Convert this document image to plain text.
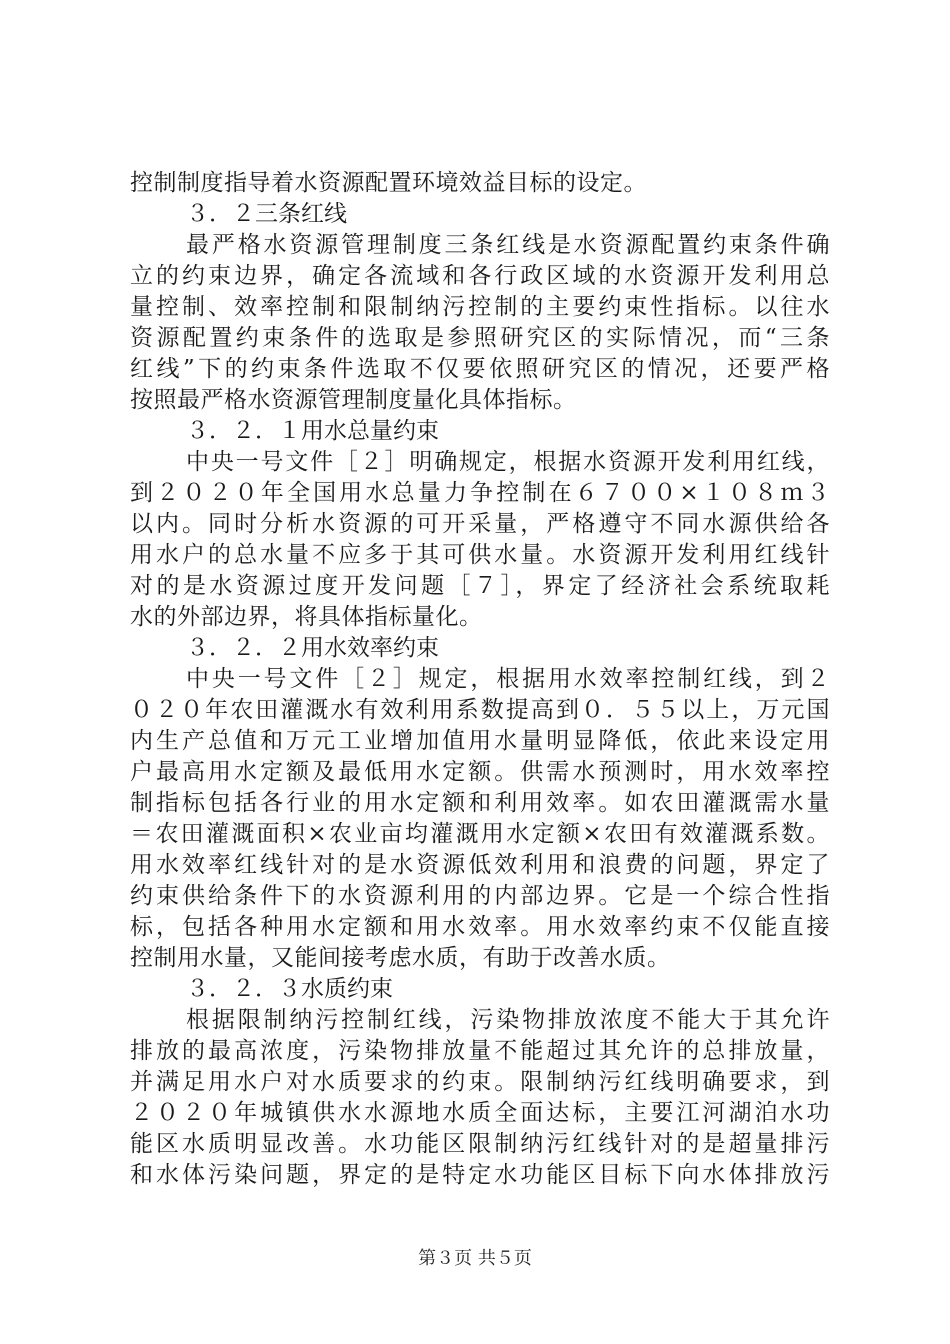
控制制度指导着水资源配置环境效益目标的设定。
３．２三条红线
最严格水资源管理制度三条红线是水资源配置约束条件确
立的约束边界，确定各流域和各行政区域的水资源开发利用总
量控制、效率控制和限制纳污控制的主要约束性指标。以往水
资源配置约束条件的选取是参照研究区的实际情况，而“三条
红线”下的约束条件选取不仅要依照研究区的情况，还要严格
按照最严格水资源管理制度量化具体指标。
３．２．１用水总量约束
中央一号文件［２］明确规定，根据水资源开发利用红线，
到２０２０年全国用水总量力争控制在６７００×１０８ｍ３
以内。同时分析水资源的可开采量，严格遵守不同水源供给各
用水户的总水量不应多于其可供水量。水资源开发利用红线针
对的是水资源过度开发问题［７］，界定了经济社会系统取耗
水的外部边界，将具体指标量化。
３．２．２用水效率约束
中央一号文件［２］规定，根据用水效率控制红线，到２
０２０年农田灌溉水有效利用系数提高到０．５５以上，万元国
内生产总值和万元工业增加值用水量明显降低，依此来设定用
户最高用水定额及最低用水定额。供需水预测时，用水效率控
制指标包括各行业的用水定额和利用效率。如农田灌溉需水量
＝农田灌溉面积×农业亩均灌溉用水定额×农田有效灌溉系数。
用水效率红线针对的是水资源低效利用和浪费的问题，界定了
约束供给条件下的水资源利用的内部边界。它是一个综合性指
标，包括各种用水定额和用水效率。用水效率约束不仅能直接
控制用水量，又能间接考虑水质，有助于改善水质。
３．２．３水质约束
根据限制纳污控制红线，污染物排放浓度不能大于其允许
排放的最高浓度，污染物排放量不能超过其允许的总排放量，
并满足用水户对水质要求的约束。限制纳污红线明确要求，到
２０２０年城镇供水水源地水质全面达标，主要江河湖泊水功
能区水质明显改善。水功能区限制纳污红线针对的是超量排污
和水体污染问题，界定的是特定水功能区目标下向水体排放污
第３页 共５页
